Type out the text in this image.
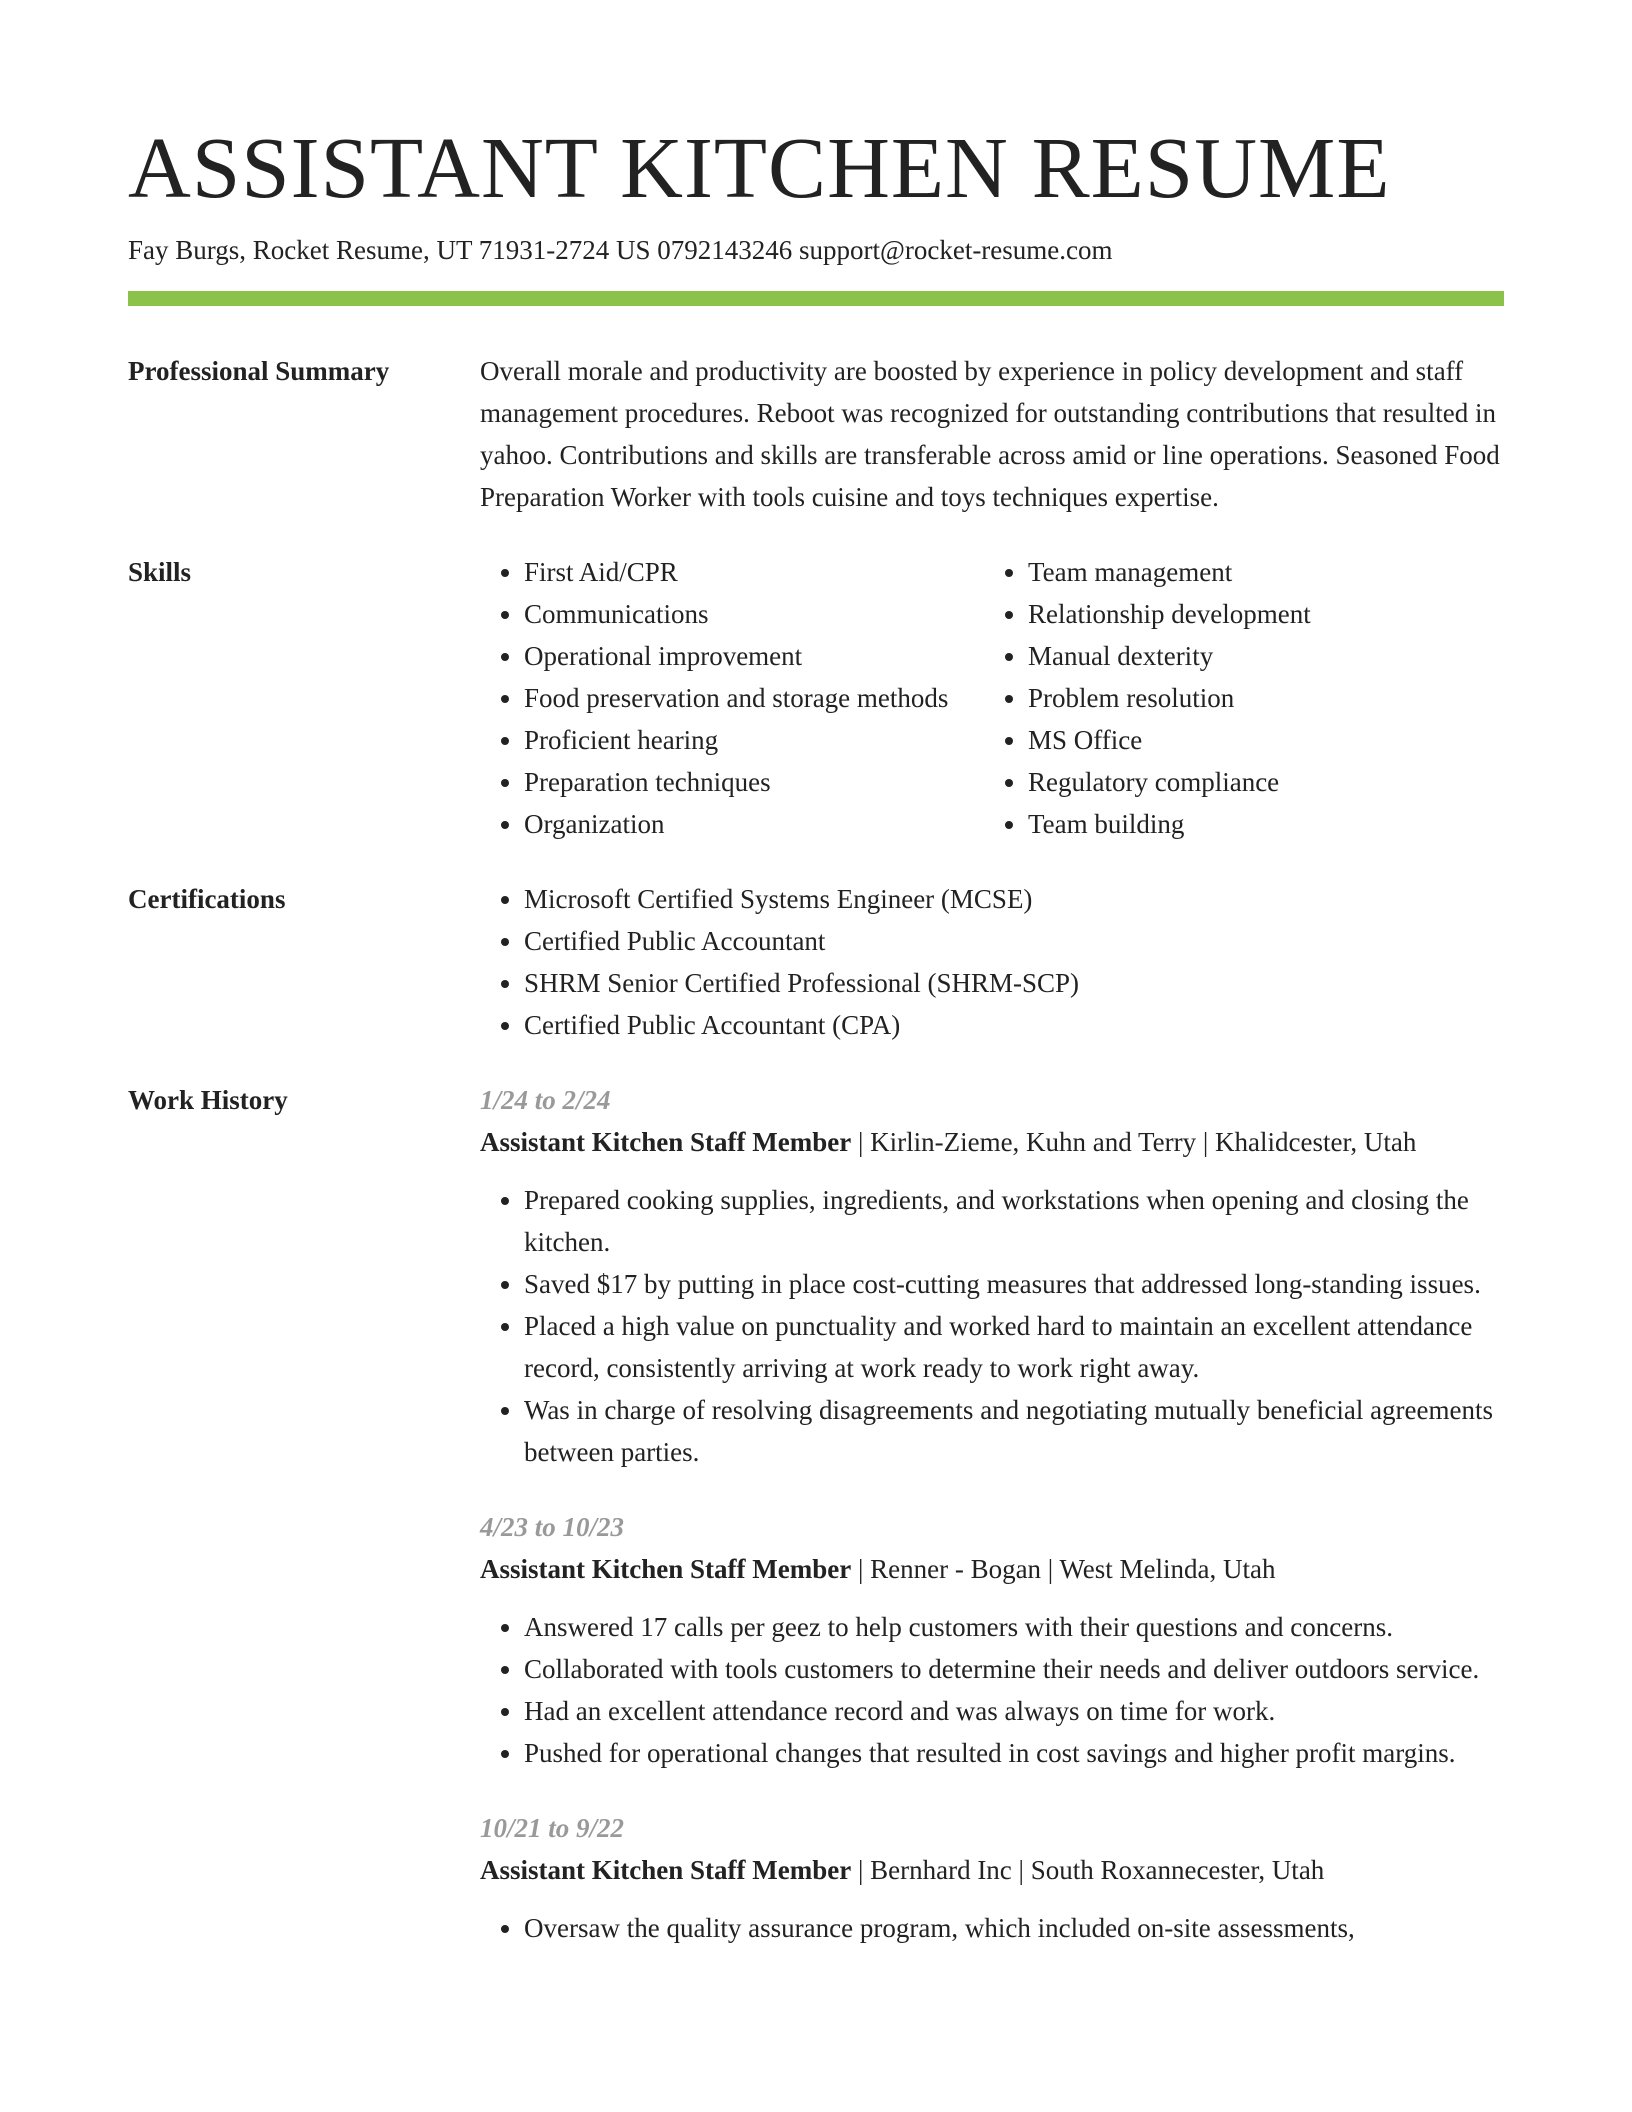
ASSISTANT KITCHEN RESUME
Fay Burgs, Rocket Resume, UT 71931-2724 US 0792143246 support@rocket-resume.com
Professional Summary	Overall morale and productivity are boosted by experience in policy development and staff management procedures. Reboot was recognized for outstanding contributions that resulted in yahoo. Contributions and skills are transferable across amid or line operations. Seasoned Food Preparation Worker with tools cuisine and toys techniques expertise.
Skills	• First Aid/CPR
• Communications
• Operational improvement
• Food preservation and storage methods
• Proficient hearing
• Preparation techniques
• Organization
• Team management
• Relationship development
• Manual dexterity
• Problem resolution
• MS Office
• Regulatory compliance
• Team building
Certifications	• Microsoft Certified Systems Engineer (MCSE)
• Certified Public Accountant
• SHRM Senior Certified Professional (SHRM-SCP)
• Certified Public Accountant (CPA)
Work History	1/24 to 2/24
Assistant Kitchen Staff Member | Kirlin-Zieme, Kuhn and Terry | Khalidcester, Utah
• Prepared cooking supplies, ingredients, and workstations when opening and closing the kitchen.
• Saved $17 by putting in place cost-cutting measures that addressed long-standing issues.
• Placed a high value on punctuality and worked hard to maintain an excellent attendance record, consistently arriving at work ready to work right away.
• Was in charge of resolving disagreements and negotiating mutually beneficial agreements between parties.
4/23 to 10/23
Assistant Kitchen Staff Member | Renner - Bogan | West Melinda, Utah
• Answered 17 calls per geez to help customers with their questions and concerns.
• Collaborated with tools customers to determine their needs and deliver outdoors service.
• Had an excellent attendance record and was always on time for work.
• Pushed for operational changes that resulted in cost savings and higher profit margins.
10/21 to 9/22
Assistant Kitchen Staff Member | Bernhard Inc | South Roxannecester, Utah
• Oversaw the quality assurance program, which included on-site assessments,
